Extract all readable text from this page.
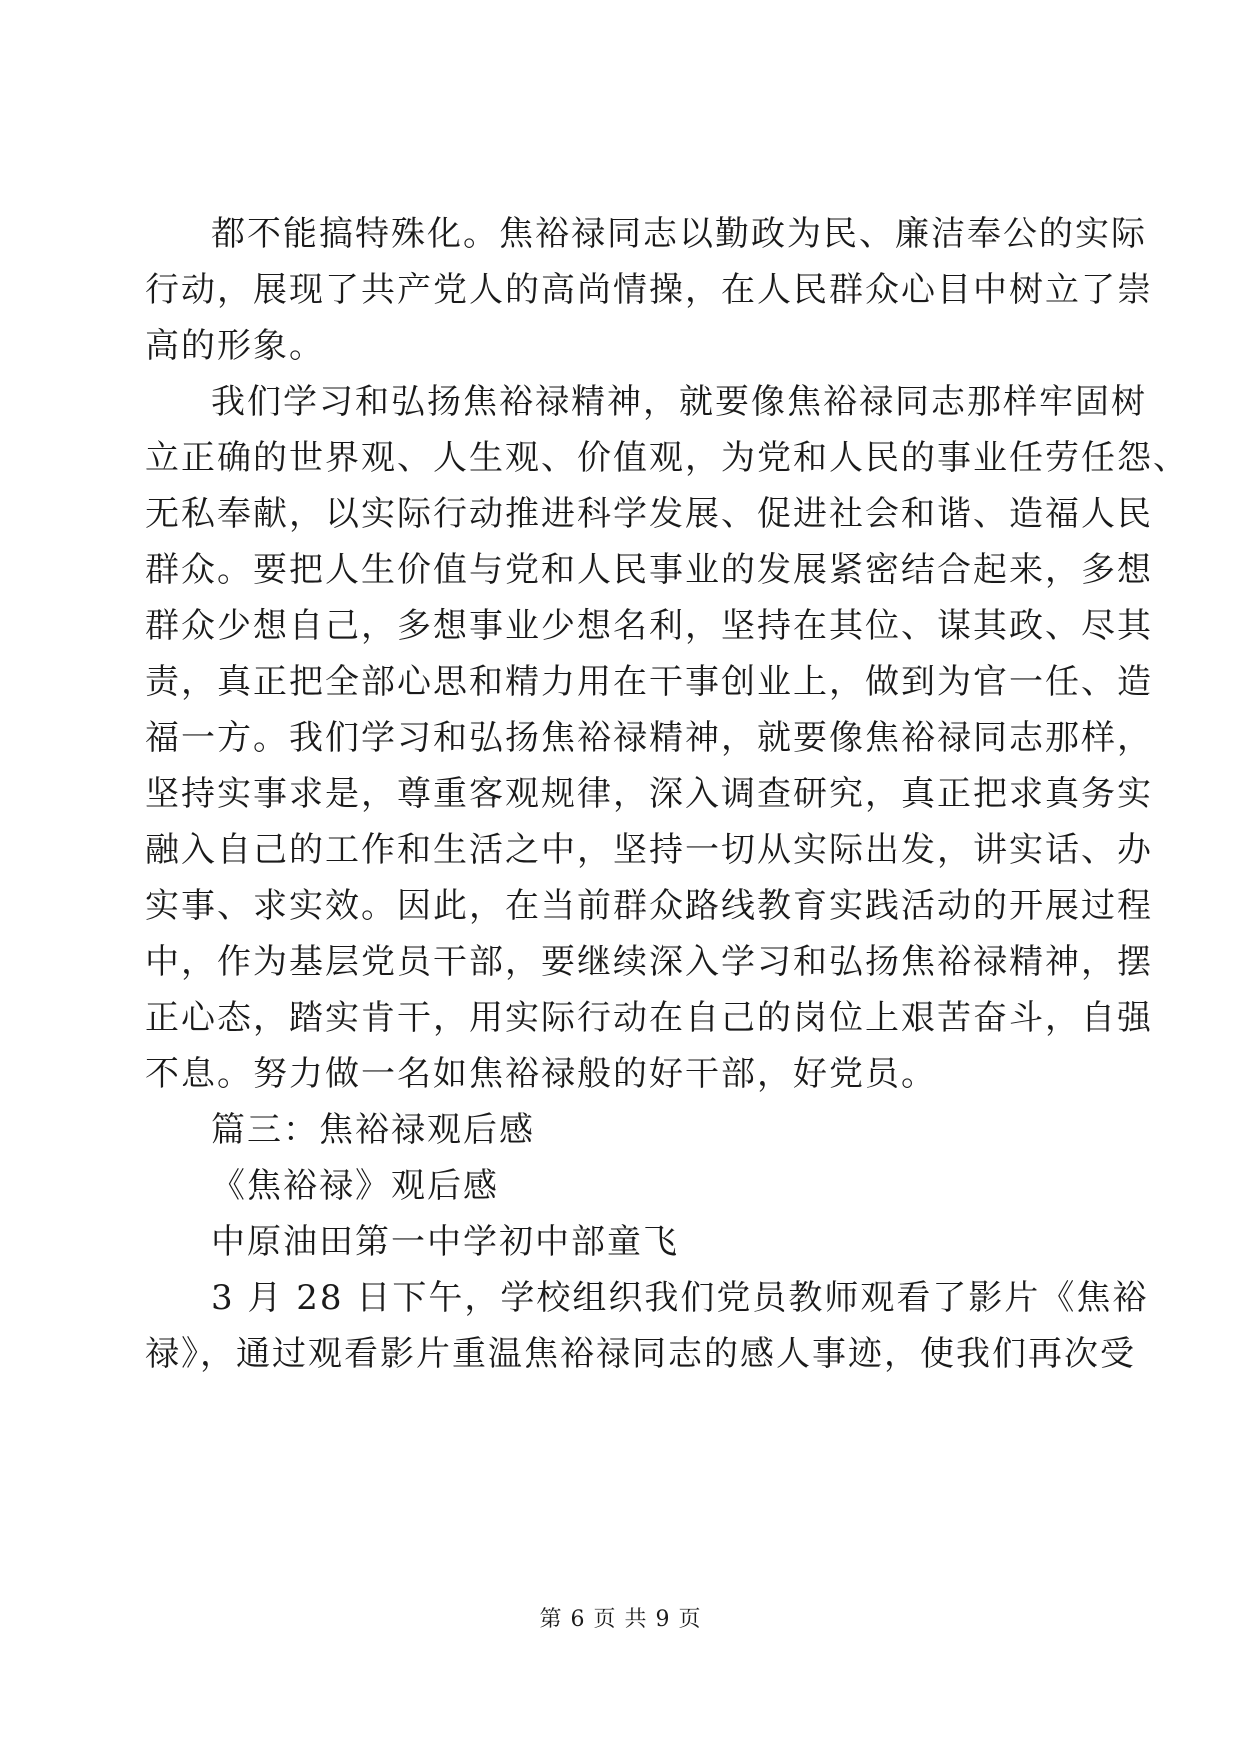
都不能搞特殊化。焦裕禄同志以勤政为民、廉洁奉公的实际
行动，展现了共产党人的高尚情操，在人民群众心目中树立了崇
高的形象。
我们学习和弘扬焦裕禄精神，就要像焦裕禄同志那样牢固树
立正确的世界观、人生观、价值观，为党和人民的事业任劳任怨、
无私奉献，以实际行动推进科学发展、促进社会和谐、造福人民
群众。要把人生价值与党和人民事业的发展紧密结合起来，多想
群众少想自己，多想事业少想名利，坚持在其位、谋其政、尽其
责，真正把全部心思和精力用在干事创业上，做到为官一任、造
福一方。我们学习和弘扬焦裕禄精神，就要像焦裕禄同志那样，
坚持实事求是，尊重客观规律，深入调查研究，真正把求真务实
融入自己的工作和生活之中，坚持一切从实际出发，讲实话、办
实事、求实效。因此，在当前群众路线教育实践活动的开展过程
中，作为基层党员干部，要继续深入学习和弘扬焦裕禄精神，摆
正心态，踏实肯干，用实际行动在自己的岗位上艰苦奋斗，自强
不息。努力做一名如焦裕禄般的好干部，好党员。
篇三：焦裕禄观后感
《焦裕禄》观后感
中原油田第一中学初中部童飞
3 月 28 日下午，学校组织我们党员教师观看了影片《焦裕
禄》，通过观看影片重温焦裕禄同志的感人事迹，使我们再次受
第 6 页 共 9 页
